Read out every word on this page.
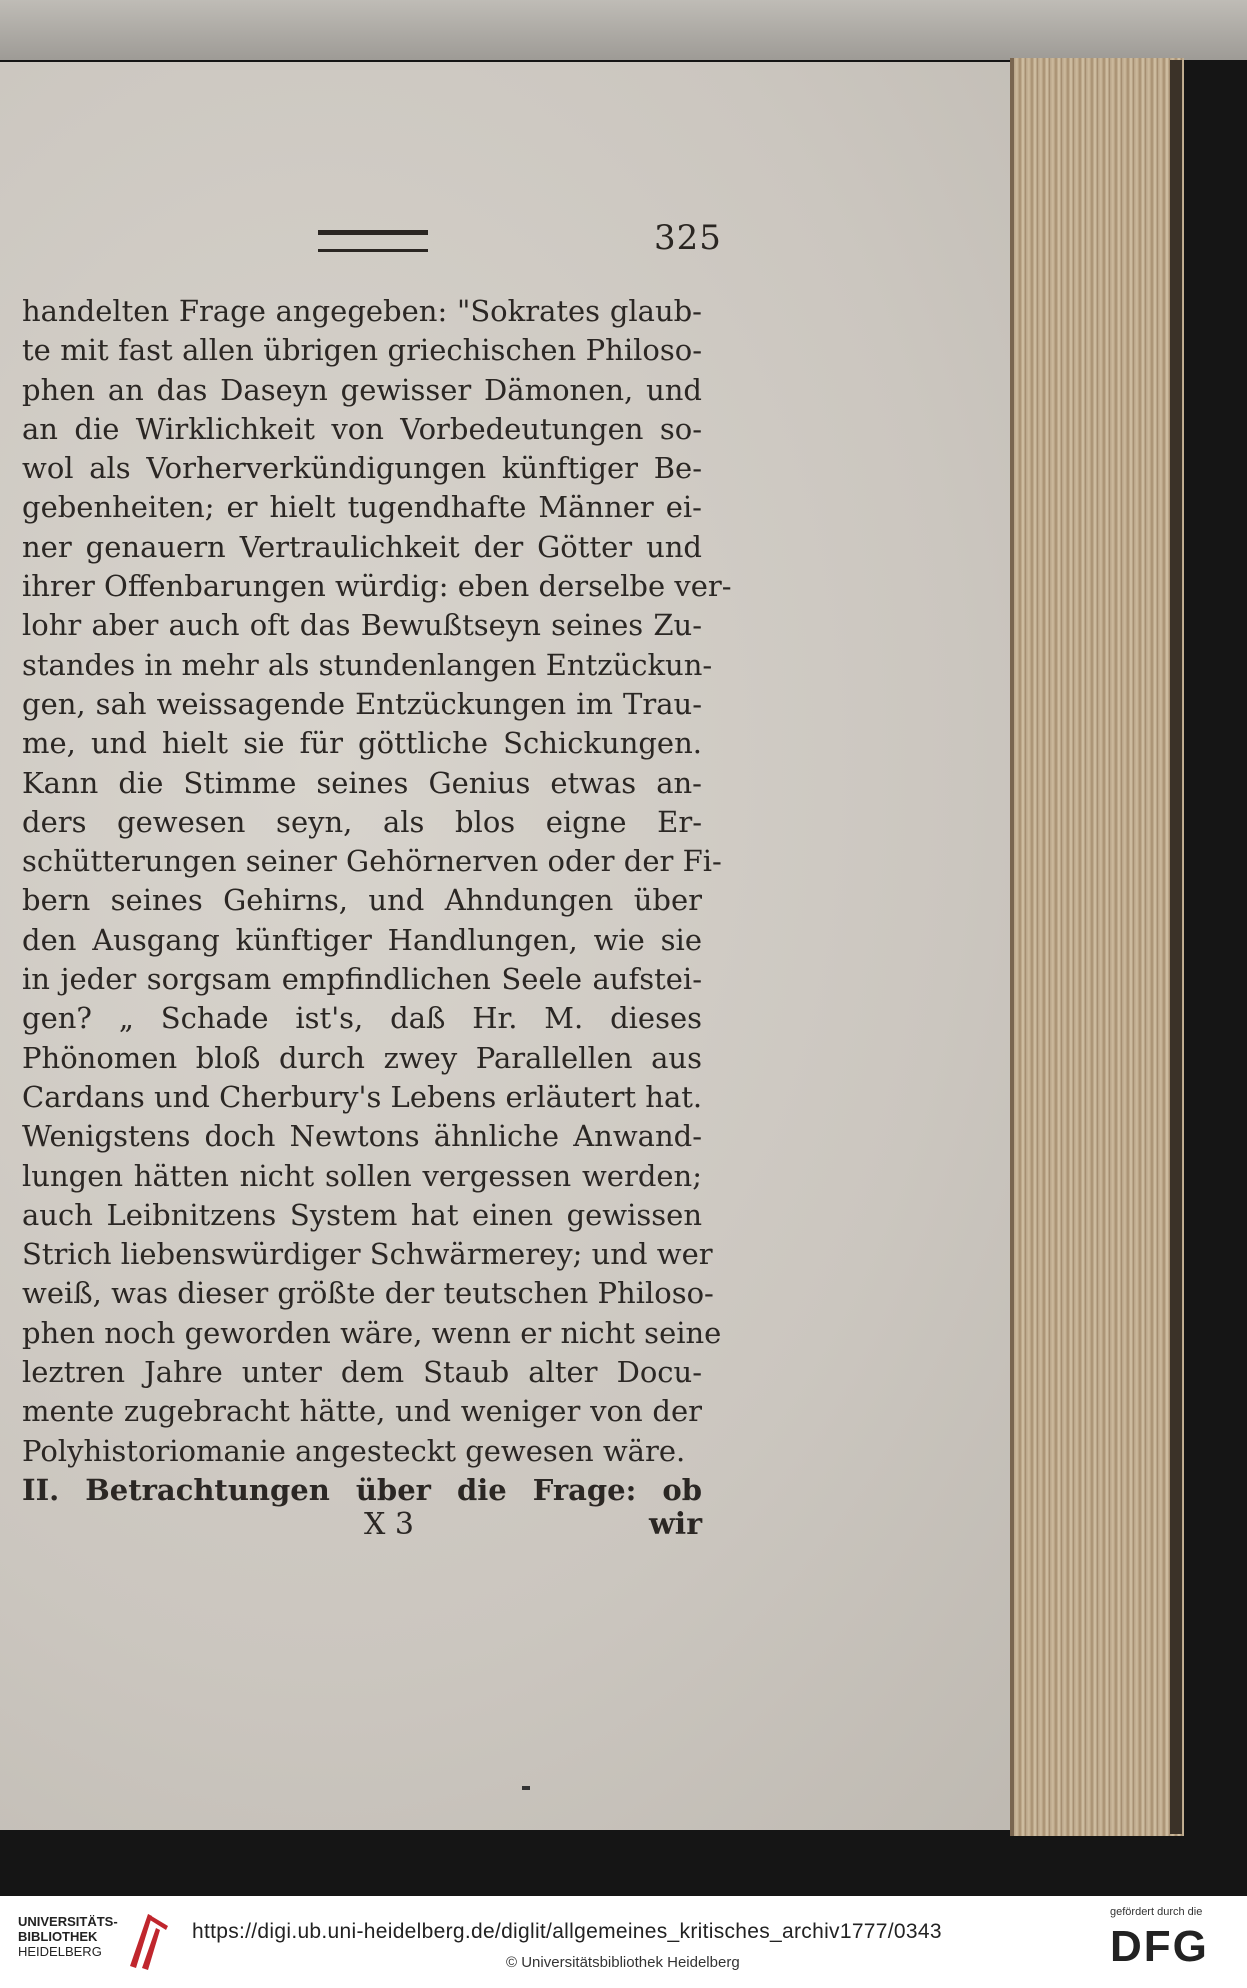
325
handelten Frage angegeben: "Sokrates glaub-
te mit fast allen übrigen griechischen Philoso-
phen an das Daseyn gewisser Dämonen, und
an die Wirklichkeit von Vorbedeutungen so-
wol als Vorherverkündigungen künftiger Be-
gebenheiten; er hielt tugendhafte Männer ei-
ner genauern Vertraulichkeit der Götter und
ihrer Offenbarungen würdig: eben derselbe ver-
lohr aber auch oft das Bewußtseyn seines Zu-
standes in mehr als stundenlangen Entzückun-
gen, sah weissagende Entzückungen im Trau-
me, und hielt sie für göttliche Schickungen.
Kann die Stimme seines Genius etwas an-
ders gewesen seyn, als blos eigne Er-
schütterungen seiner Gehörnerven oder der Fi-
bern seines Gehirns, und Ahndungen über
den Ausgang künftiger Handlungen, wie sie
in jeder sorgsam empfindlichen Seele aufstei-
gen? „ Schade ist's, daß Hr. M. dieses
Phönomen bloß durch zwey Parallellen aus
Cardans und Cherbury's Lebens erläutert hat.
Wenigstens doch Newtons ähnliche Anwand-
lungen hätten nicht sollen vergessen werden;
auch Leibnitzens System hat einen gewissen
Strich liebenswürdiger Schwärmerey; und wer
weiß, was dieser größte der teutschen Philoso-
phen noch geworden wäre, wenn er nicht seine
leztren Jahre unter dem Staub alter Docu-
mente zugebracht hätte, und weniger von der
Polyhistoriomanie angesteckt gewesen wäre.
II. Betrachtungen über die Frage: ob
X 3	wir
UNIVERSITÄTS-
BIBLIOTHEK
HEIDELBERG
https://digi.ub.uni-heidelberg.de/diglit/allgemeines_kritisches_archiv1777/0343
© Universitätsbibliothek Heidelberg
gefördert durch die
DFG
